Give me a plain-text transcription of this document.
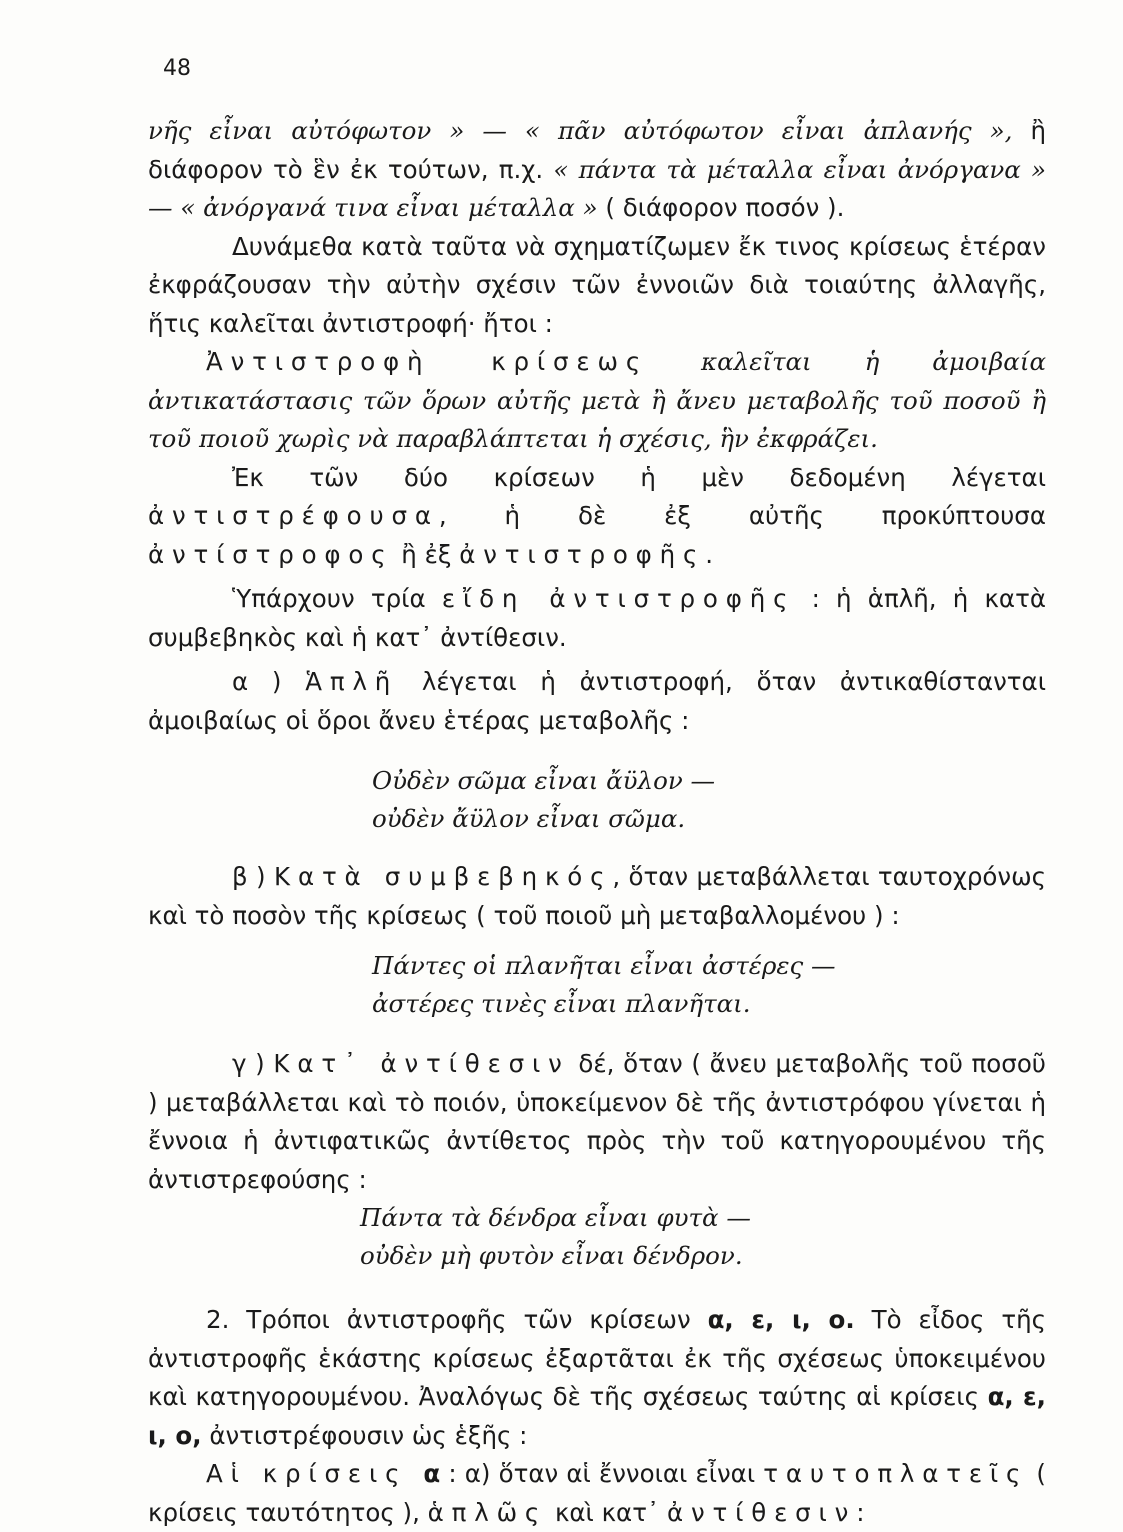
48

νῆς εἶναι αὐτόφωτον » — « πᾶν αὐτόφωτον εἶναι ἀπλανής », ἢ διάφορον τὸ ἓν ἐκ τούτων, π.χ. « πάντα τὰ μέταλλα εἶναι ἀνόργανα » — « ἀνόργανά τινα εἶναι μέταλλα » ( διάφορον ποσόν ).

Δυνάμεθα κατὰ ταῦτα νὰ σχηματίζωμεν ἔκ τινος κρίσεως ἑτέραν ἐκφράζουσαν τὴν αὐτὴν σχέσιν τῶν ἐννοιῶν διὰ τοιαύτης ἀλλαγῆς, ἥτις καλεῖται ἀντιστροφή· ἤτοι :

Ἀντιστροφὴ κρίσεως καλεῖται ἡ ἀμοιβαία ἀντικατάστασις τῶν ὅρων αὐτῆς μετὰ ἢ ἄνευ μεταβολῆς τοῦ ποσοῦ ἢ τοῦ ποιοῦ χωρὶς νὰ παραβλάπτεται ἡ σχέσις, ἣν ἐκφράζει.

Ἐκ τῶν δύο κρίσεων ἡ μὲν δεδομένη λέγεται ἀντιστρέφουσα, ἡ δὲ ἐξ αὐτῆς προκύπτουσα ἀντίστροφος ἢ ἐξ ἀντιστροφῆς.

Ὑπάρχουν τρία εἴδη ἀντιστροφῆς : ἡ ἁπλῆ, ἡ κατὰ συμβεβηκὸς καὶ ἡ κατ᾽ ἀντίθεσιν.

α ) Ἁπλῆ λέγεται ἡ ἀντιστροφή, ὅταν ἀντικαθίστανται ἀμοιβαίως οἱ ὅροι ἄνευ ἑτέρας μεταβολῆς :

Οὐδὲν σῶμα εἶναι ἄϋλον —

οὐδὲν ἄϋλον εἶναι σῶμα.

β ) Κατὰ συμβεβηκός, ὅταν μεταβάλλεται ταυτοχρόνως καὶ τὸ ποσὸν τῆς κρίσεως ( τοῦ ποιοῦ μὴ μεταβαλλομένου ) :

Πάντες οἱ πλανῆται εἶναι ἀστέρες —

ἀστέρες τινὲς εἶναι πλανῆται.

γ ) Κατ᾽ ἀντίθεσιν δέ, ὅταν ( ἄνευ μεταβολῆς τοῦ ποσοῦ ) μεταβάλλεται καὶ τὸ ποιόν, ὑποκείμενον δὲ τῆς ἀντιστρόφου γίνεται ἡ ἔννοια ἡ ἀντιφατικῶς ἀντίθετος πρὸς τὴν τοῦ κατηγορουμένου τῆς ἀντιστρεφούσης :

Πάντα τὰ δένδρα εἶναι φυτὰ —

οὐδὲν μὴ φυτὸν εἶναι δένδρον.

2. Τρόποι ἀντιστροφῆς τῶν κρίσεων α, ε, ι, ο. Τὸ εἶδος τῆς ἀντιστροφῆς ἑκάστης κρίσεως ἐξαρτᾶται ἐκ τῆς σχέσεως ὑποκειμένου καὶ κατηγορουμένου. Ἀναλόγως δὲ τῆς σχέσεως ταύτης αἱ κρίσεις α, ε, ι, ο, ἀντιστρέφουσιν ὡς ἑξῆς :

Αἱ κρίσεις α : α) ὅταν αἱ ἔννοιαι εἶναι ταυτοπλατεῖς ( κρίσεις ταυτότητος ), ἁπλῶς καὶ κατ᾽ ἀντίθεσιν:
